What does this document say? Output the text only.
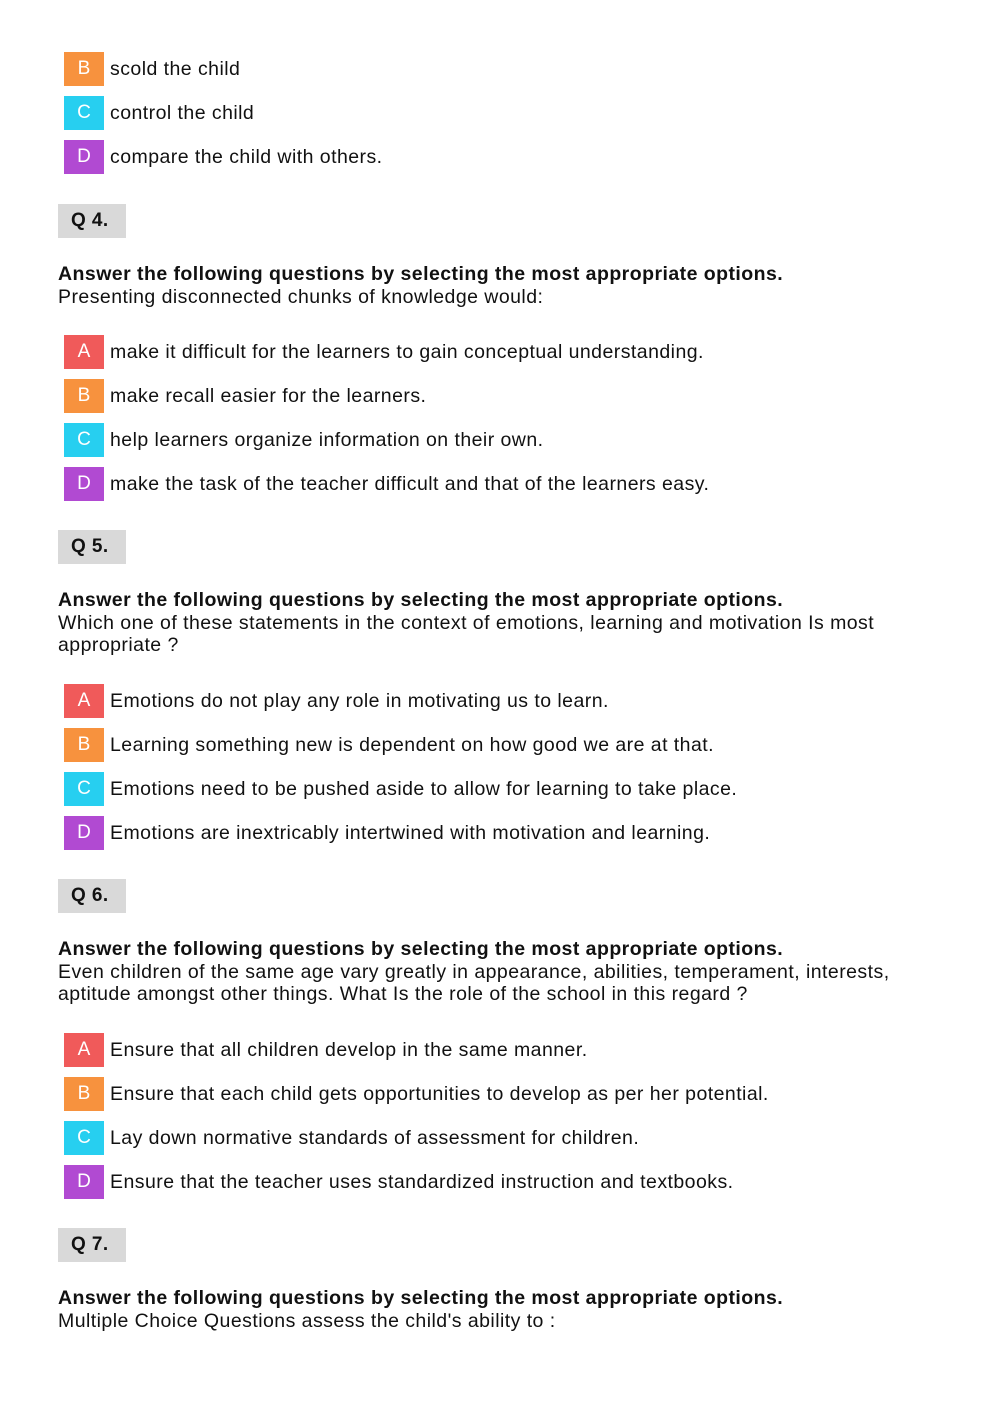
B	scold the child
C control the child
D compare the child with others.
Q 4.
Answer the following questions by selecting the most appropriate options.
Presenting disconnected chunks of knowledge would:
A	make it difficult for the learners to gain conceptual understanding.
B	make recall easier for the learners.
C help learners organize information on their own.
D make the task of the teacher difficult and that of the learners easy.
Q 5.
Answer the following questions by selecting the most appropriate options.
Which one of these statements in the context of emotions, learning and motivation Is most appropriate ?
A	Emotions do not play any role in motivating us to learn.
B	Learning something new is dependent on how good we are at that.
C Emotions need to be pushed aside to allow for learning to take place.
D Emotions are inextricably intertwined with motivation and learning.
Q 6.
Answer the following questions by selecting the most appropriate options.
Even children of the same age vary greatly in appearance, abilities, temperament, interests, aptitude amongst other things. What Is the role of the school in this regard ?
A	Ensure that all children develop in the same manner.
B	Ensure that each child gets opportunities to develop as per her potential.
C Lay down normative standards of assessment for children.
D Ensure that the teacher uses standardized instruction and textbooks.
Q 7.
Answer the following questions by selecting the most appropriate options.
Multiple Choice Questions assess the child's ability to :
